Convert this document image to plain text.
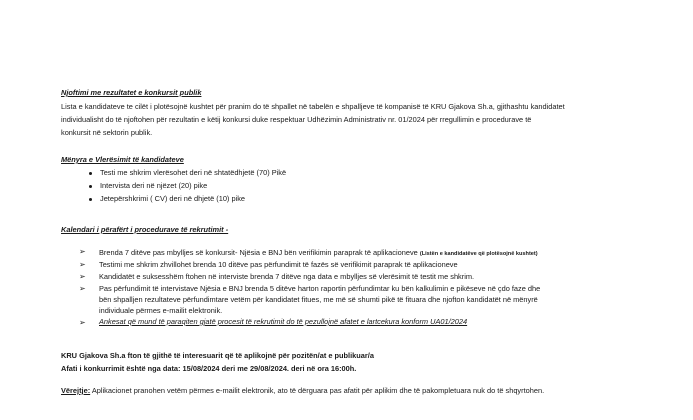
Njoftimi me rezultatet e konkursit publik
Lista e kandidateve te cilët i plotësojnë kushtet për pranim do të shpallet në tabelën e shpalljeve të kompanisë të KRU Gjakova Sh.a, gjithashtu kandidatet
individualisht do të njoftohen për rezultatin e këtij konkursi duke respektuar Udhëzimin Administrativ nr. 01/2024 për rregullimin e procedurave të
konkursit në sektorin publik.
Mënyra e Vlerësimit të kandidateve
Testi me shkrim vlerësohet deri në shtatëdhjetë (70) Pikë
Intervista deri në njëzet (20) pike
Jetepërshkrimi ( CV) deri në dhjetë (10) pike
Kalendari i përafërt i procedurave të rekrutimit -
➢ Brenda 7 ditëve pas mbylljes së konkursit- Njësia e BNJ bën verifikimin paraprak të aplikacioneve (Listën e kandidatëve që plotësojnë kushtet)
➢ Testimi me shkrim zhvillohet brenda 10 ditëve pas përfundimit të fazës së verifikimit paraprak të aplikacioneve
➢ Kandidatët e suksesshëm ftohen në interviste brenda 7 ditëve nga data e mbylljes së vlerësimit të testit me shkrim.
➢ Pas përfundimit të intervistave Njësia e BNJ brenda 5 ditëve harton raportin përfundimtar ku bën kalkulimin e pikëseve në çdo faze dhe
bën shpalljen rezultateve përfundimtare vetëm për kandidatet fitues, me më së shumti pikë të fituara dhe njofton kandidatët në mënyrë
individuale përmes e-mailit elektronik.
➢ Ankesat që mund të paraqiten gjatë procesit të rekrutimit do të pezullojnë afatet e lartcekura konform UA01/2024
KRU Gjakova Sh.a fton të gjithë të interesuarit që të aplikojnë për pozitën/at e publikuar/a
Afati i konkurrimit është nga data: 15/08/2024 deri me 29/08/2024. deri në ora 16:00h.
Vërejtje: Aplikacionet pranohen vetëm përmes e-mailit elektronik, ato të dërguara pas afatit për aplikim dhe të pakompletuara nuk do të shqyrtohen.
